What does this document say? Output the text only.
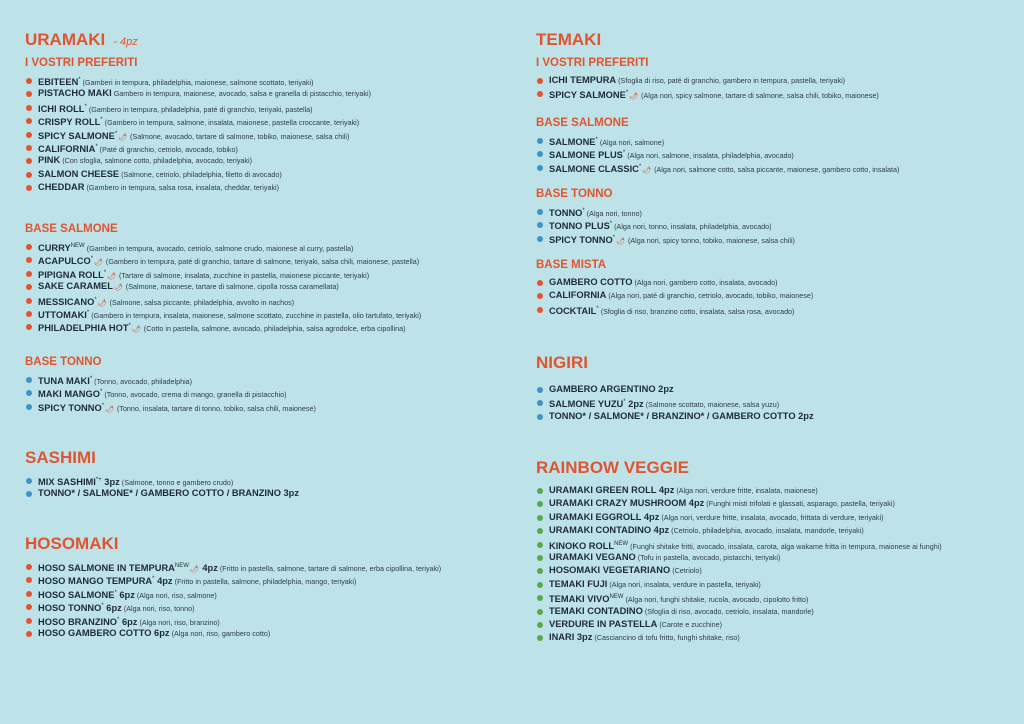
URAMAKI - 4pz
I VOSTRI PREFERITI
EBITEEN* (Gamberi in tempura, philadelphia, maionese, salmone scottato, teriyaki)
PISTACHO MAKI Gambero in tempura, maionese, avocado, salsa e granella di pistacchio, teriyaki)
ICHI ROLL* (Gambero in tempura, philadelphia, paté di granchio, teriyaki, pastella)
CRISPY ROLL* (Gambero in tempura, salmone, insalata, maionese, pastella croccante, teriyaki)
SPICY SALMONE*🌶 (Salmone, avocado, tartare di salmone, tobiko, maionese, salsa chili)
CALIFORNIA* (Paté di granchio, cetriolo, avocado, tobiko)
PINK (Con sfoglia, salmone cotto, philadelphia, avocado, teriyaki)
SALMON CHEESE (Salmone, cetriolo, philadelphia, filetto di avocado)
CHEDDAR (Gambero in tempura, salsa rosa, insalata, cheddar, teriyaki)
BASE SALMONE
$CURRY^{NEW}$ (Gamberi in tempura, avocado, cetriolo, salmone crudo, maionese al curry, pastella)
ACAPULCO*🌶 (Gambero in tempura, paté di granchio, tartare di salmone, teriyaki, salsa chili, maionese, pastella)
PIPIGNA ROLL*🌶 (Tartare di salmone, insalata, zucchine in pastella, maionese piccante, teriyaki)
SAKE CARAMEL🌶 (Salmone, maionese, tartare di salmone, cipolla rossa caramellata)
MESSICANO*🌶 (Salmone, salsa piccante, philadelphia, avvolto in nachos)
UTTOMAKI* (Gambero in tempura, insalata, maionese, salmone scottato, zucchine in pastella, olio tartufato, teriyaki)
PHILADELPHIA HOT*🌶 (Cotto in pastella, salmone, avocado, philadelphia, salsa agrodolce, erba cipollina)
BASE TONNO
TUNA MAKI* (Tonno, avocado, philadelphia)
MAKI MANGO* (Tonno, avocado, crema di mango, granella di pistacchio)
SPICY TONNO*🌶 (Tonno, insalata, tartare di tonno, tobiko, salsa chili, maionese)
SASHIMI
MIX SASHIMI*+ 3pz (Salmone, tonno e gambero crudo)
TONNO* / SALMONE* / GAMBERO COTTO / BRANZINO 3pz
HOSOMAKI
HOSO SALMONE IN $TEMPURA^{NEW}🌶$ 4pz (Fritto in pastella, salmone, tartare di salmone, erba cipollina, teriyaki)
HOSO MANGO TEMPURA* 4pz (Fritto in pastella, salmone, philadelphia, mango, teriyaki)
HOSO SALMONE* 6pz (Alga nori, riso, salmone)
HOSO TONNO* 6pz (Alga nori, riso, tonno)
HOSO BRANZINO* 6pz (Alga nori, riso, branzino)
HOSO GAMBERO COTTO 6pz (Alga nori, riso, gambero cotto)
TEMAKI
I VOSTRI PREFERITI
ICHI TEMPURA (Sfoglia di riso, paté di granchio, gambero in tempura, pastella, teriyaki)
SPICY SALMONE*🌶 (Alga nori, spicy salmone, tartare di salmone, salsa chili, tobiko, maionese)
BASE SALMONE
SALMONE* (Alga nori, salmone)
SALMONE PLUS* (Alga nori, salmone, insalata, philadelphia, avocado)
SALMONE CLASSIC*🌶 (Alga nori, salmone cotto, salsa piccante, maionese, gambero cotto, insalata)
BASE TONNO
TONNO* (Alga nori, tonno)
TONNO PLUS* (Alga nori, tonno, insalata, philadelphia, avocado)
SPICY TONNO*🌶 (Alga nori, spicy tonno, tobiko, maionese, salsa chili)
BASE MISTA
GAMBERO COTTO (Alga nori, gambero cotto, insalata, avocado)
CALIFORNIA (Alga nori, paté di granchio, cetriolo, avocado, tobiko, maionese)
COCKTAIL* (Sfoglia di riso, branzino cotto, insalata, salsa rosa, avocado)
NIGIRI
GAMBERO ARGENTINO 2pz
SALMONE YUZU* 2pz (Salmone scottato, maionese, salsa yuzu)
TONNO* / SALMONE* / BRANZINO* / GAMBERO COTTO 2pz
RAINBOW VEGGIE
URAMAKI GREEN ROLL 4pz (Alga nori, verdure fritte, insalata, maionese)
URAMAKI CRAZY MUSHROOM 4pz (Funghi misti trifolati e glassati, asparago, pastella, teriyaki)
URAMAKI EGGROLL 4pz (Alga nori, verdure fritte, insalata, avocado, frittata di verdure, teriyaki)
URAMAKI CONTADINO 4pz (Cetriolo, philadelphia, avocado, insalata, mandorle, teriyaki)
KINOKO $ROLL^{NEW}$ (Funghi shitake fritti, avocado, insalata, carota, alga wakame fritta in tempura, maionese ai funghi)
URAMAKI VEGANO (Tofu in pastella, avocado, pistacchi, teriyaki)
HOSOMAKI VEGETARIANO (Cetriolo)
TEMAKI FUJI (Alga nori, insalata, verdure in pastella, teriyaki)
TEMAKI $VIVO^{NEW}$ (Alga nori, funghi shitake, rucola, avocado, cipolotto fritto)
TEMAKI CONTADINO (Sfoglia di riso, avocado, cetriolo, insalata, mandorle)
VERDURE IN PASTELLA (Carote e zucchine)
INARI 3pz (Casciancino di tofu fritto, funghi shitake, riso)
